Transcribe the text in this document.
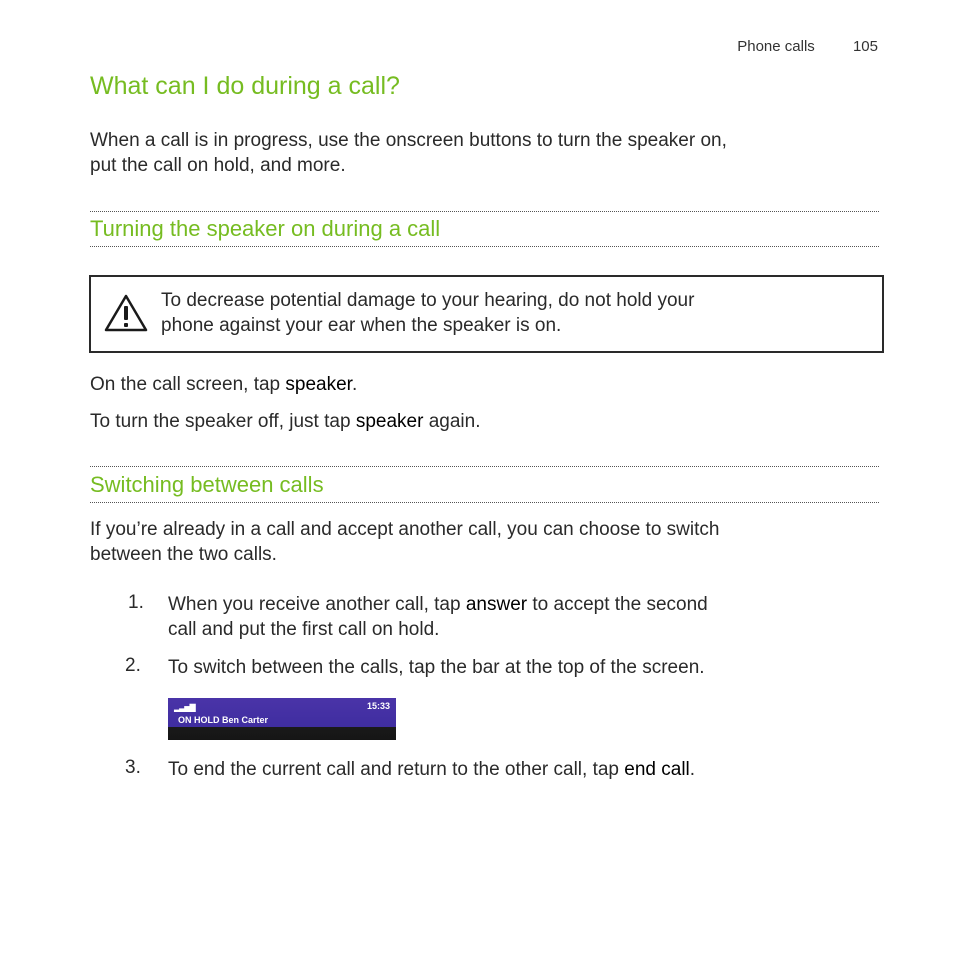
Phone calls	105
What can I do during a call?

When a call is in progress, use the onscreen buttons to turn the speaker on,
put the call on hold, and more.

Turning the speaker on during a call
To decrease potential damage to your hearing, do not hold your
phone against your ear when the speaker is on.

On the call screen, tap speaker.

To turn the speaker off, just tap speaker again.

Switching between calls

If you’re already in a call and accept another call, you can choose to switch
between the two calls.

1. When you receive another call, tap answer to accept the second
call and put the first call on hold.
2. To switch between the calls, tap the bar at the top of the screen.
▂▃▅▇	15:33
ON HOLD Ben Carter
3. To end the current call and return to the other call, tap end call.
